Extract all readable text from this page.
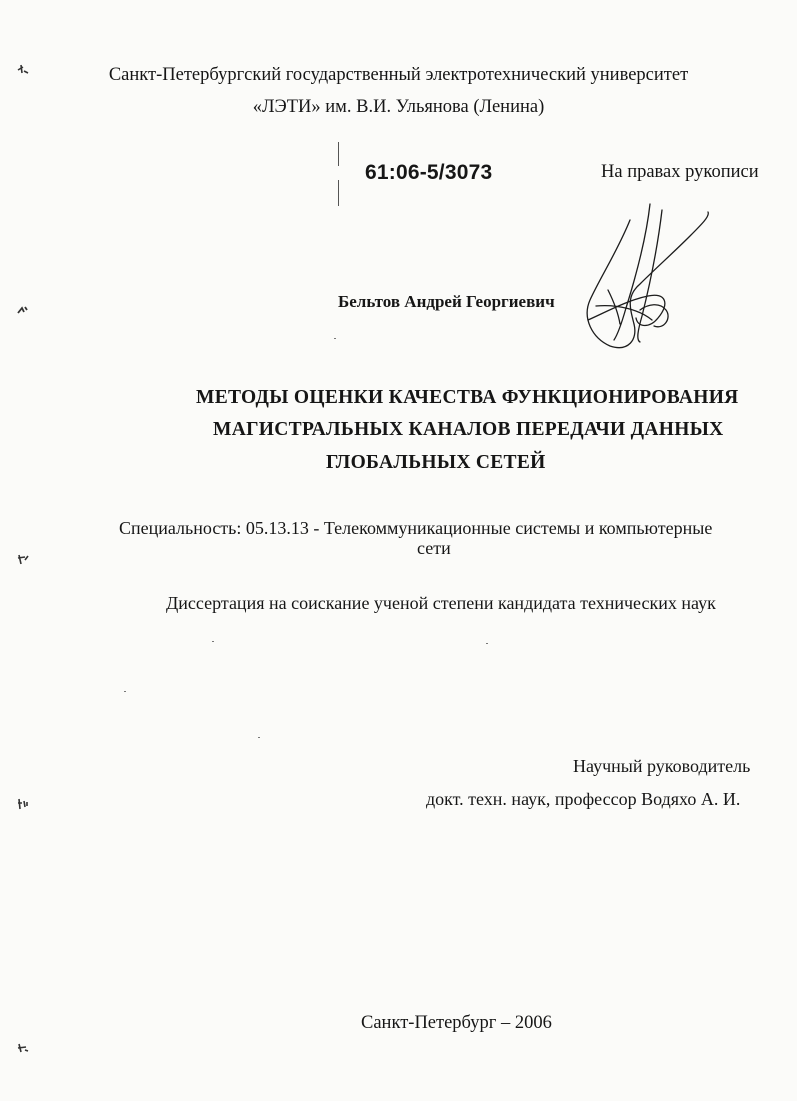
Санкт-Петербургский государственный электротехнический университет
«ЛЭТИ» им. В.И. Ульянова (Ленина)
61:06-5/3073	На правах рукописи
Бельтов Андрей Георгиевич
МЕТОДЫ ОЦЕНКИ КАЧЕСТВА ФУНКЦИОНИРОВАНИЯ
МАГИСТРАЛЬНЫХ КАНАЛОВ ПЕРЕДАЧИ ДАННЫХ
ГЛОБАЛЬНЫХ СЕТЕЙ
Специальность: 05.13.13 - Телекоммуникационные системы и компьютерные
сети
Диссертация на соискание ученой степени кандидата технических наук
Научный руководитель
докт. техн. наук, профессор Водяхо А. И.
Санкт-Петербург – 2006
